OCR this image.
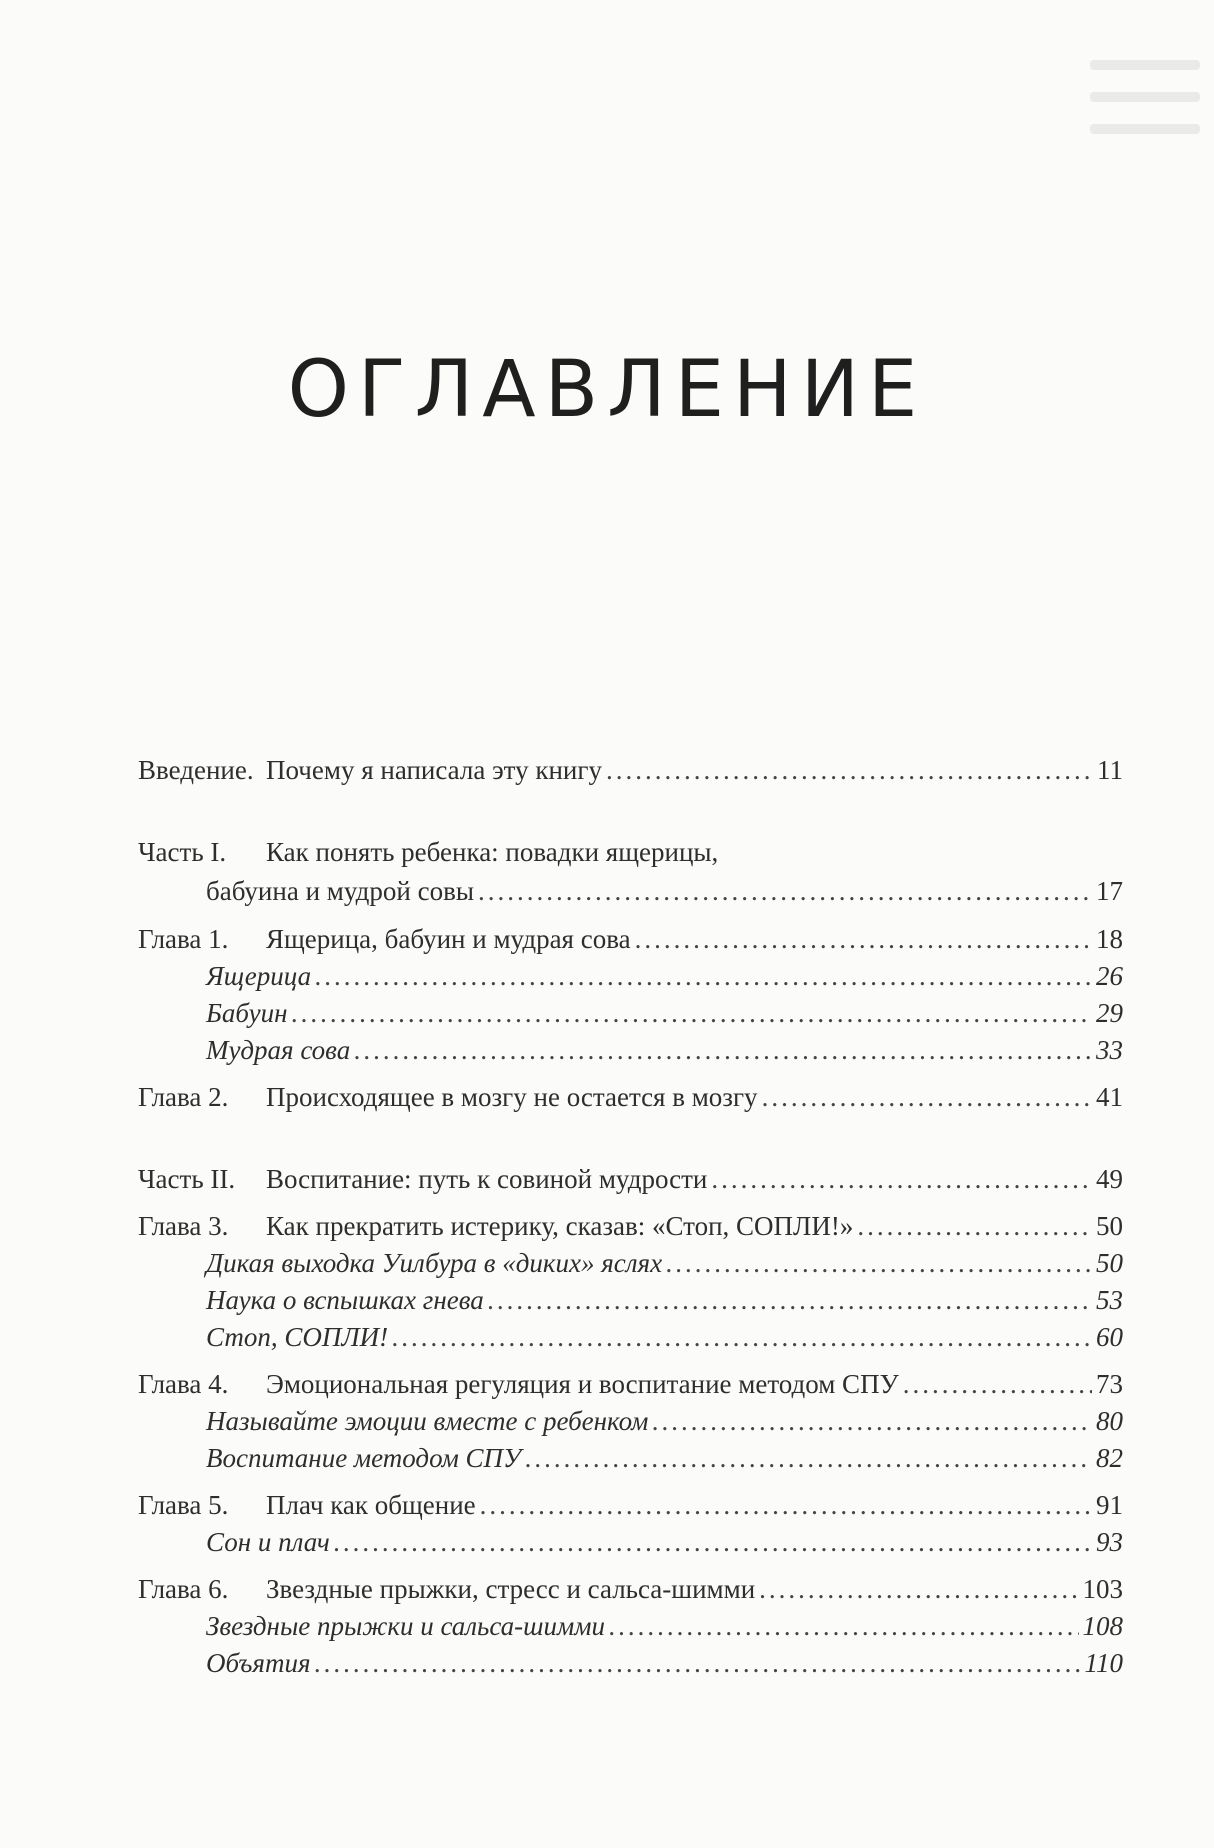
ОГЛАВЛЕНИЕ
Введение. Почему я написала эту книгу .....	11
Часть I.	Как понять ребенка: повадки ящерицы,
бабуина и мудрой совы .....	17
Глава 1.	Ящерица, бабуин и мудрая сова .....	18
Ящерица .....	26
Бабуин .....	29
Мудрая сова .....	33
Глава 2.	Происходящее в мозгу не остается в мозгу .....	41
Часть II.	Воспитание: путь к совиной мудрости .....	49
Глава 3.	Как прекратить истерику, сказав: «Стоп, СОПЛИ!» .....	50
Дикая выходка Уилбура в «диких» яслях .....	50
Наука о вспышках гнева .....	53
Стоп, СОПЛИ! .....	60
Глава 4.	Эмоциональная регуляция и воспитание методом СПУ .....	73
Называйте эмоции вместе с ребенком .....	80
Воспитание методом СПУ .....	82
Глава 5.	Плач как общение .....	91
Сон и плач .....	93
Глава 6.	Звездные прыжки, стресс и сальса-шимми .....	103
Звездные прыжки и сальса-шимми .....	108
Объятия .....	110
